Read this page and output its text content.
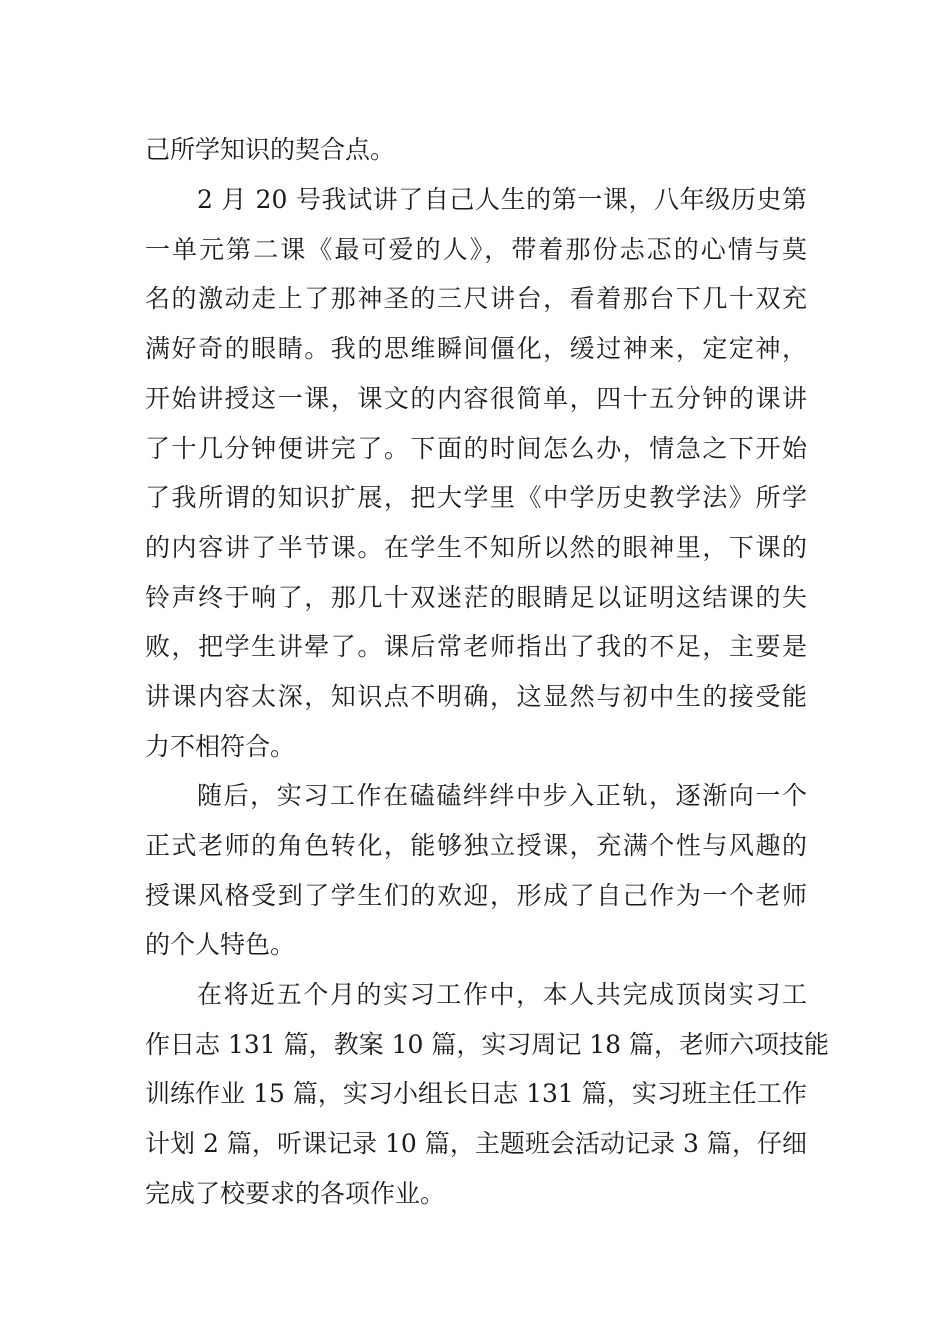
己所学知识的契合点。
2 月 20 号我试讲了自己人生的第一课，八年级历史第
一单元第二课《最可爱的人》，带着那份忐忑的心情与莫
名的激动走上了那神圣的三尺讲台，看着那台下几十双充
满好奇的眼睛。我的思维瞬间僵化，缓过神来，定定神，
开始讲授这一课，课文的内容很简单，四十五分钟的课讲
了十几分钟便讲完了。下面的时间怎么办，情急之下开始
了我所谓的知识扩展，把大学里《中学历史教学法》所学
的内容讲了半节课。在学生不知所以然的眼神里，下课的
铃声终于响了，那几十双迷茫的眼睛足以证明这结课的失
败，把学生讲晕了。课后常老师指出了我的不足，主要是
讲课内容太深，知识点不明确，这显然与初中生的接受能
力不相符合。
随后，实习工作在磕磕绊绊中步入正轨，逐渐向一个
正式老师的角色转化，能够独立授课，充满个性与风趣的
授课风格受到了学生们的欢迎，形成了自己作为一个老师
的个人特色。
在将近五个月的实习工作中，本人共完成顶岗实习工
作日志 131 篇，教案 10 篇，实习周记 18 篇，老师六项技能
训练作业 15 篇，实习小组长日志 131 篇，实习班主任工作
计划 2 篇，听课记录 10 篇，主题班会活动记录 3 篇，仔细
完成了校要求的各项作业。
